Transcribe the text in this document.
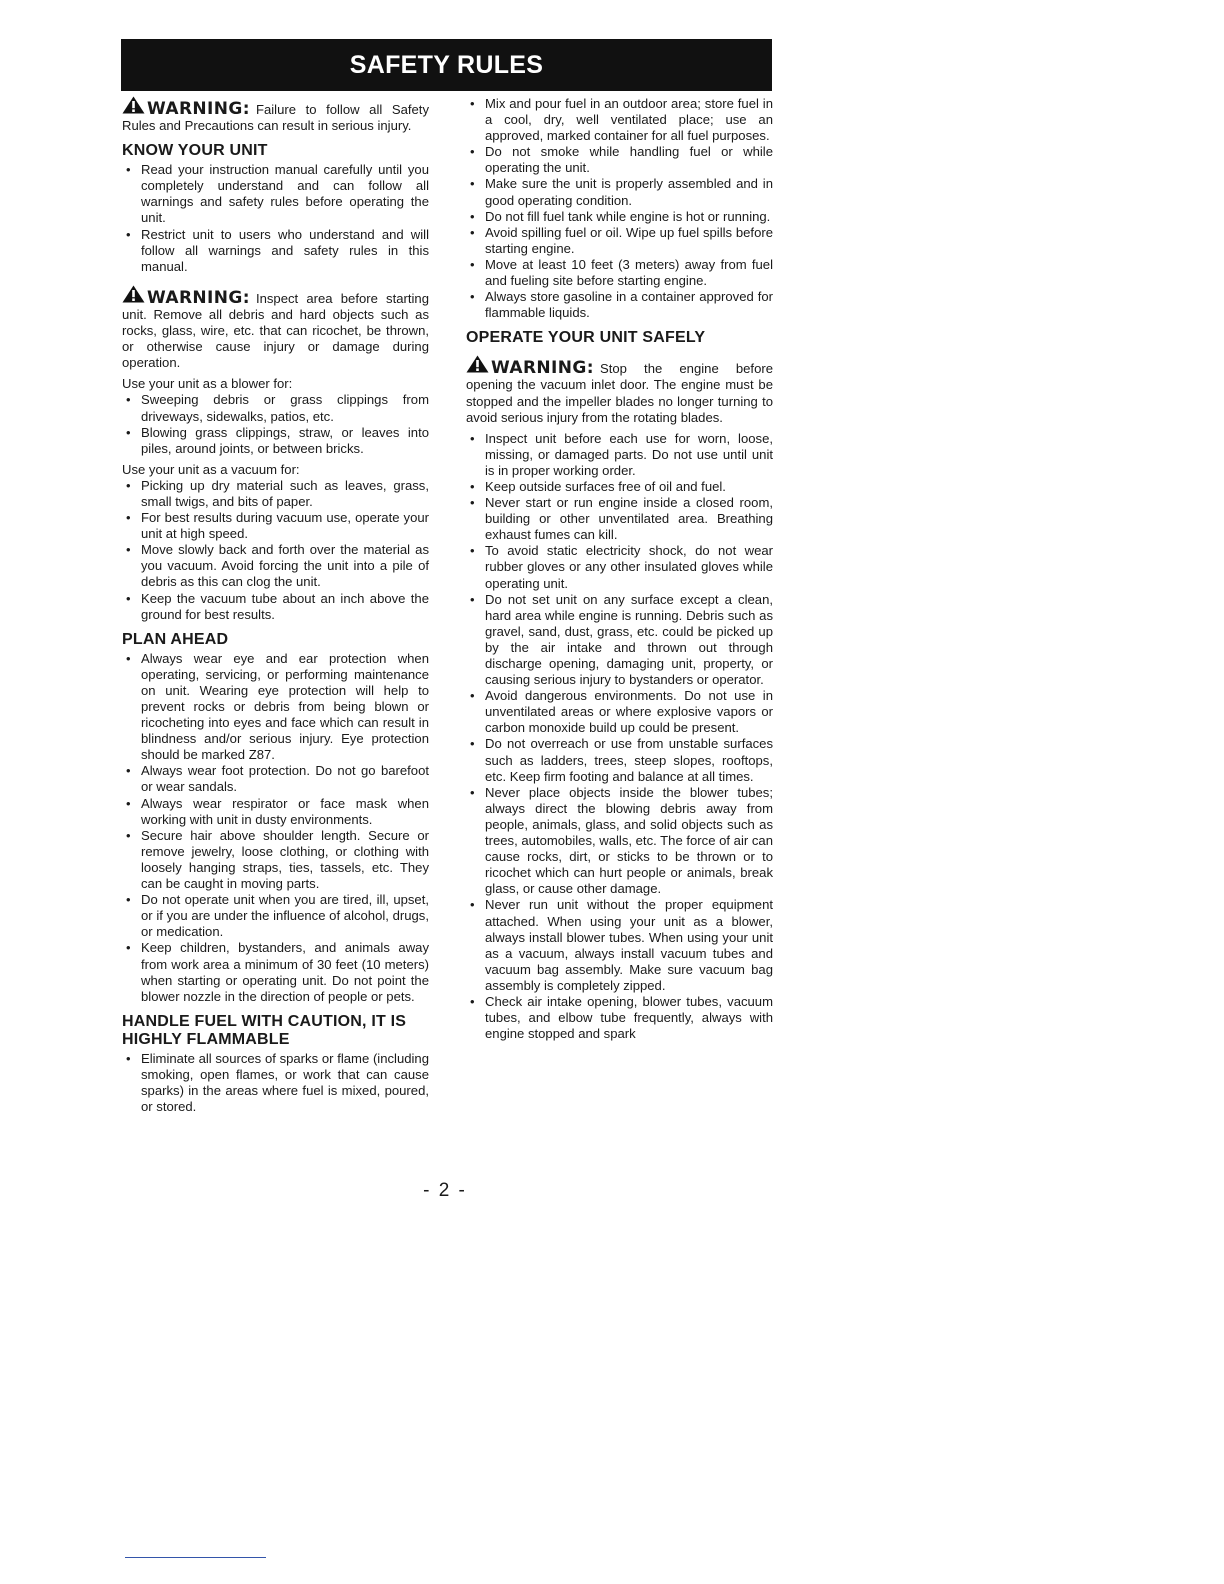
SAFETY RULES

WARNING: Failure to follow all Safety Rules and Precautions can result in serious injury.

KNOW YOUR UNIT
• Read your instruction manual carefully until you completely understand and can follow all warnings and safety rules before operating the unit.
• Restrict unit to users who understand and will follow all warnings and safety rules in this manual.

WARNING: Inspect area before starting unit. Remove all debris and hard objects such as rocks, glass, wire, etc. that can ricochet, be thrown, or otherwise cause injury or damage during operation.

Use your unit as a blower for:

• Sweeping debris or grass clippings from driveways, sidewalks, patios, etc.
• Blowing grass clippings, straw, or leaves into piles, around joints, or between bricks.

Use your unit as a vacuum for:

• Picking up dry material such as leaves, grass, small twigs, and bits of paper.
• For best results during vacuum use, operate your unit at high speed.
• Move slowly back and forth over the material as you vacuum. Avoid forcing the unit into a pile of debris as this can clog the unit.
• Keep the vacuum tube about an inch above the ground for best results.
PLAN AHEAD
• Always wear eye and ear protection when operating, servicing, or performing maintenance on unit. Wearing eye protection will help to prevent rocks or debris from being blown or ricocheting into eyes and face which can result in blindness and/or serious injury. Eye protection should be marked Z87.
• Always wear foot protection. Do not go barefoot or wear sandals.
• Always wear respirator or face mask when working with unit in dusty environments.
• Secure hair above shoulder length. Secure or remove jewelry, loose clothing, or clothing with loosely hanging straps, ties, tassels, etc. They can be caught in moving parts.
• Do not operate unit when you are tired, ill, upset, or if you are under the influence of alcohol, drugs, or medication.
• Keep children, bystanders, and animals away from work area a minimum of 30 feet (10 meters) when starting or operating unit. Do not point the blower nozzle in the direction of people or pets.
HANDLE FUEL WITH CAUTION, IT IS HIGHLY FLAMMABLE
• Eliminate all sources of sparks or flame (including smoking, open flames, or work that can cause sparks) in the areas where fuel is mixed, poured, or stored.
• Mix and pour fuel in an outdoor area; store fuel in a cool, dry, well ventilated place; use an approved, marked container for all fuel purposes.
• Do not smoke while handling fuel or while operating the unit.
• Make sure the unit is properly assembled and in good operating condition.
• Do not fill fuel tank while engine is hot or running.
• Avoid spilling fuel or oil. Wipe up fuel spills before starting engine.
• Move at least 10 feet (3 meters) away from fuel and fueling site before starting engine.
• Always store gasoline in a container approved for flammable liquids.
OPERATE YOUR UNIT SAFELY

WARNING: Stop the engine before opening the vacuum inlet door. The engine must be stopped and the impeller blades no longer turning to avoid serious injury from the rotating blades.

• Inspect unit before each use for worn, loose, missing, or damaged parts. Do not use until unit is in proper working order.
• Keep outside surfaces free of oil and fuel.
• Never start or run engine inside a closed room, building or other unventilated area. Breathing exhaust fumes can kill.
• To avoid static electricity shock, do not wear rubber gloves or any other insulated gloves while operating unit.
• Do not set unit on any surface except a clean, hard area while engine is running. Debris such as gravel, sand, dust, grass, etc. could be picked up by the air intake and thrown out through discharge opening, damaging unit, property, or causing serious injury to bystanders or operator.
• Avoid dangerous environments. Do not use in unventilated areas or where explosive vapors or carbon monoxide build up could be present.
• Do not overreach or use from unstable surfaces such as ladders, trees, steep slopes, rooftops, etc. Keep firm footing and balance at all times.
• Never place objects inside the blower tubes; always direct the blowing debris away from people, animals, glass, and solid objects such as trees, automobiles, walls, etc. The force of air can cause rocks, dirt, or sticks to be thrown or to ricochet which can hurt people or animals, break glass, or cause other damage.
• Never run unit without the proper equipment attached. When using your unit as a blower, always install blower tubes. When using your unit as a vacuum, always install vacuum tubes and vacuum bag assembly. Make sure vacuum bag assembly is completely zipped.
• Check air intake opening, blower tubes, vacuum tubes, and elbow tube frequently, always with engine stopped and spark
- 2 -
